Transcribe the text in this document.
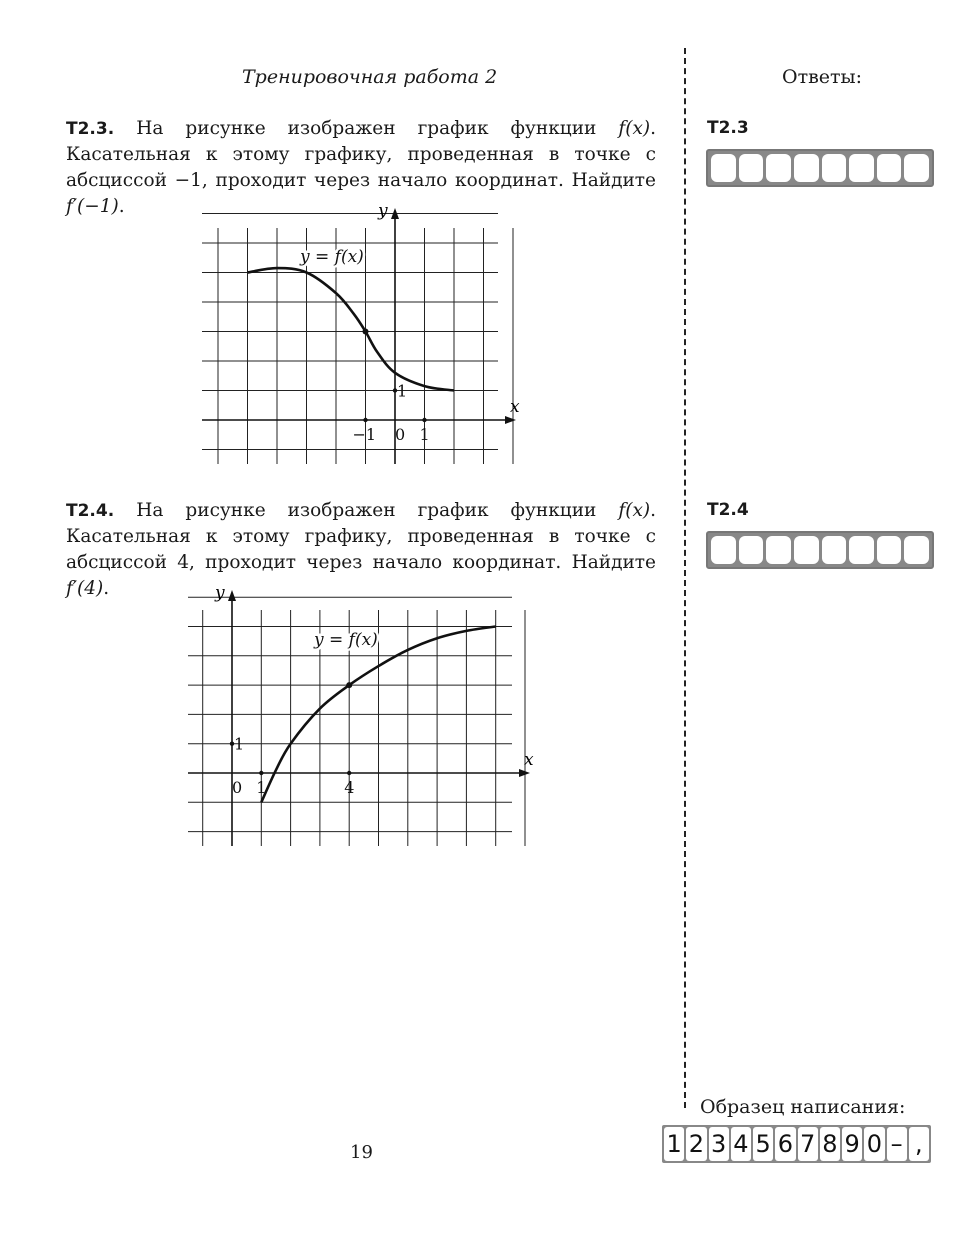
Тренировочная работа 2	Ответы:
T2.3. На рисунке изображен график функции f(x). Касательная к этому графику, проведенная в точке с абсциссой −1, проходит через начало координат. Найдите f′(−1).
x
y
−1 0 1
1
y = f(x)
T2.4. На рисунке изображен график функции f(x). Касательная к этому графику, проведенная в точке с абсциссой 4, проходит через начало координат. Найдите f′(4).
x
y
0 1	4
1
y = f(x)
T2.3
T2.4
Образец написания:
1 2 3 4 5 6 7 8 9 0 – ,
19
